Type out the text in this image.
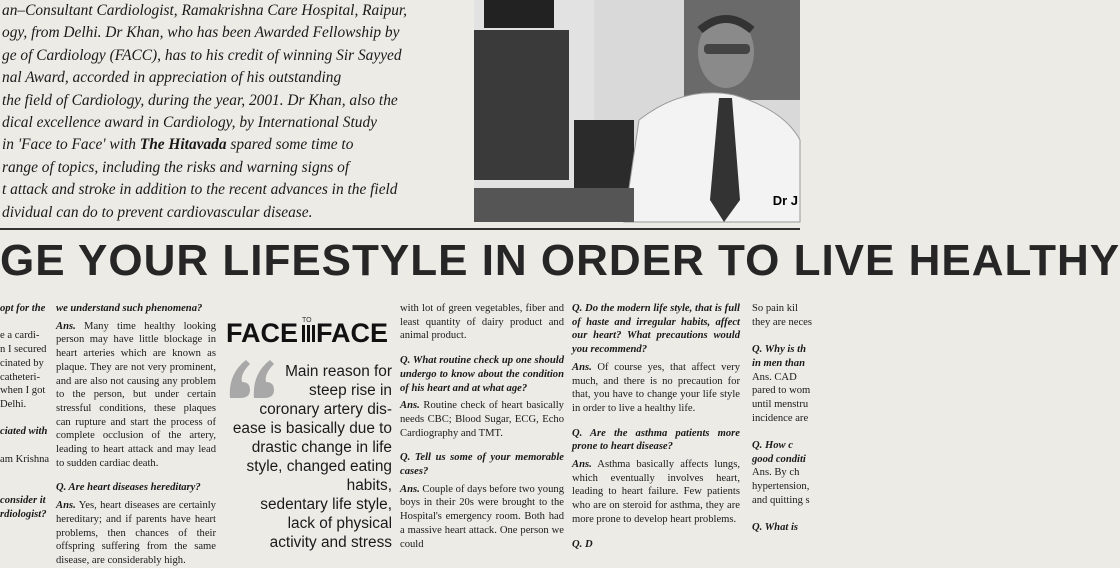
an–Consultant Cardiologist, Ramakrishna Care Hospital, Raipur,

ogy, from Delhi. Dr Khan, who has been Awarded Fellowship by

ge of Cardiology (FACC), has to his credit of winning Sir Sayyed

nal Award, accorded in appreciation of his outstanding

the field of Cardiology, during the year, 2001. Dr Khan, also the

dical excellence award in Cardiology, by International Study

in 'Face to Face' with The Hitavada spared some time to

range of topics, including the risks and warning signs of

t attack and stroke in addition to the recent advances in the field

dividual can do to prevent cardiovascular disease.

Dr J
GE YOUR LIFESTYLE IN ORDER TO LIVE HEALTHY
opt for the

e a cardi-
n I secured
cinated by
catheteri-
when I got
Delhi.

ciated with

am Krishna

consider it
rdiologist?

we understand such phenomena?

Ans. Many time healthy looking person may have little blockage in heart arteries which are known as plaque. They are not very prominent, and are also not causing any problem to the person, but under certain stressful conditions, these plaques can rupture and start the process of complete occlusion of the artery, leading to heart attack and may lead to sudden cardiac death.

Q. Are heart diseases hereditary?

Ans. Yes, heart diseases are certainly hereditary; and if parents have heart problems, then chances of their offspring suffering from the same disease, are considerably high.

FACE TO FACE
Main reason for
steep rise in
coronary artery dis-
ease is basically due to
drastic change in life
style, changed eating
habits,
sedentary life style,
lack of physical
activity and stress

with lot of green vegetables, fiber and least quantity of dairy product and animal product.

Q. What routine check up one should undergo to know about the condition of his heart and at what age?

Ans. Routine check of heart basically needs CBC; Blood Sugar, ECG, Echo Cardiography and TMT.

Q. Tell us some of your memorable cases?

Ans. Couple of days before two young boys in their 20s were brought to the Hospital's emergency room. Both had a massive heart attack. One person we could

Q. Do the modern life style, that is full of haste and irregular habits, affect our heart? What precautions would you recommend?

Ans. Of course yes, that affect very much, and there is no precaution for that, you have to change your life style in order to live a healthy life.

Q. Are the asthma patients more prone to heart disease?

Ans. Asthma basically affects lungs, which eventually involves heart, leading to heart failure. Few patients who are on steroid for asthma, they are more prone to develop heart problems.

Q. D

So pain kil
they are neces

Q. Why is th
in men than
Ans. CAD
pared to wom
until menstru
incidence are

Q. How c
good conditi
Ans. By ch
hypertension,
and quitting s

Q. What is
